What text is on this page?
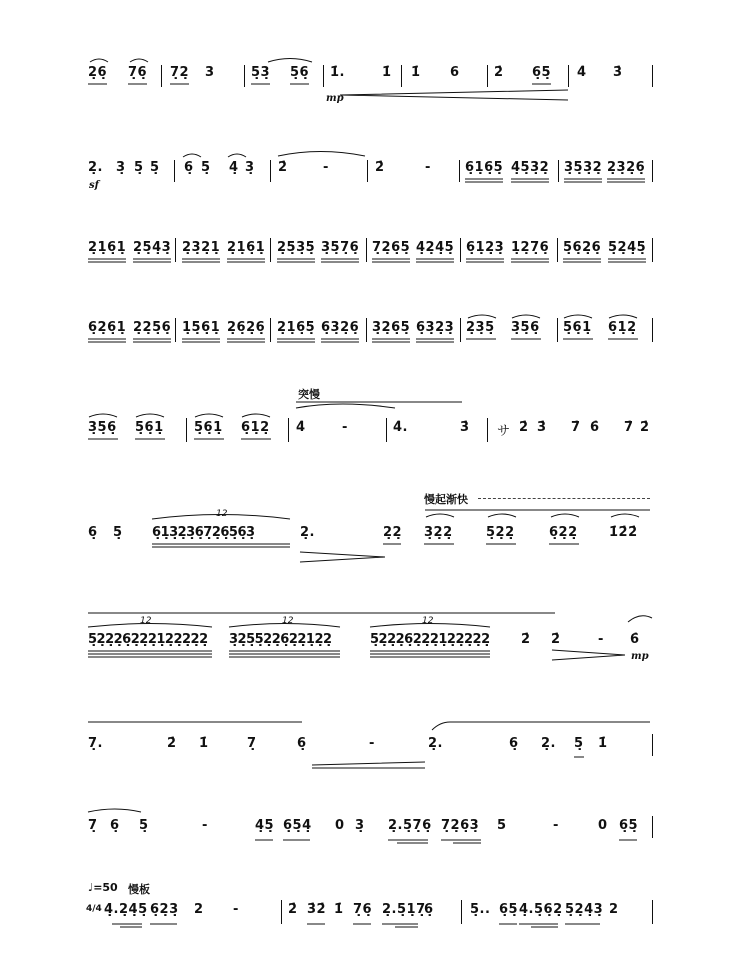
2̣6̣ 7̣6̣ 7̣2̣ 3	5̣3̣ 5̣6̣ 1̇.	1̇ 1̇ 6	2̇ 6̣5̣ 4̇ 3̇
mp
2̣. 3̣ 5̣ 5̣ 6̣ 5̣ 4̣ 3̣ 2̇	-	2̇	-	6̣1̣6̣5̣ 4̣5̣3̣2̣ 3̣5̣3̣2̣ 2̣3̣2̣6̣
sf
2̣1̣6̣1̣ 2̣5̣4̣3̣ 2̣3̣2̣1̣ 2̣1̣6̣1̣ 2̣5̣3̣5̣ 3̣5̣7̣6̣ 7̣2̣6̣5̣ 4̣2̣4̣5̣ 6̣1̣2̣3̣ 1̣2̣7̣6̣ 5̣6̣2̣6̣ 5̣2̣4̣5̣
6̣2̣6̣1̣ 2̣2̣5̣6̣ 1̣5̣6̣1̣ 2̣6̣2̣6̣ 2̣1̣6̣5̣ 6̣3̣2̣6̣ 3̣2̣6̣5̣ 6̣3̣2̣3̣ 2̣3̣5̣ 3̣5̣6̣ 5̣6̣1̣ 6̣1̣2̣
3̣5̣6̣ 5̣6̣1̣ 5̣6̣1̣ 6̣1̣2̣ 4̇	-	4̇.	3̇ サ 2̇ 3̇ 7̇ 6̇ 7̇ 2̇
突慢
6̣ 5̣ 6̣1̣3̣2̣3̣6̣7̣2̣6̣5̣6̣3̣	2̣.	2̣2̣ 3̣2̣2̣	5̣2̣2̣	6̣2̣2̣ 1̇2̇2̇
慢起渐快
12
5̣2̣2̣2̣6̣2̣2̣2̣1̣2̣2̣2̣2̣2̣ 3̣2̣5̣5̣2̣2̣6̣2̣2̣1̣2̣2̣	5̣2̣2̣2̣6̣2̣2̣2̣1̣2̣2̣2̣2̣2̣ 2̇ 2̇	- 6̇
12	12	12
mp
7̣.	2̇ 1̇	7̣	6̣	-	2̣.	6̣ 2̣. 5̣ 1̇
7̣ 6̣ 5̣	-	4̣5̣ 6̣5̣4̣ 0 3̣ 2̣.5̣7̣6̣ 7̣2̣6̣3̣ 5	-	0 6̣5̣
♩=50 慢板
4/4 4̣.2̣4̣5̣ 6̣2̣3̣ 2 -	2̇ 3̇2̇ 1̇ 7̣6̣ 2̣.5̣1̣7̣
6̣	5̣.. 6̣5̣ 4̣.5̣6̣2̣ 5̣2̣4̣3̣ 2
